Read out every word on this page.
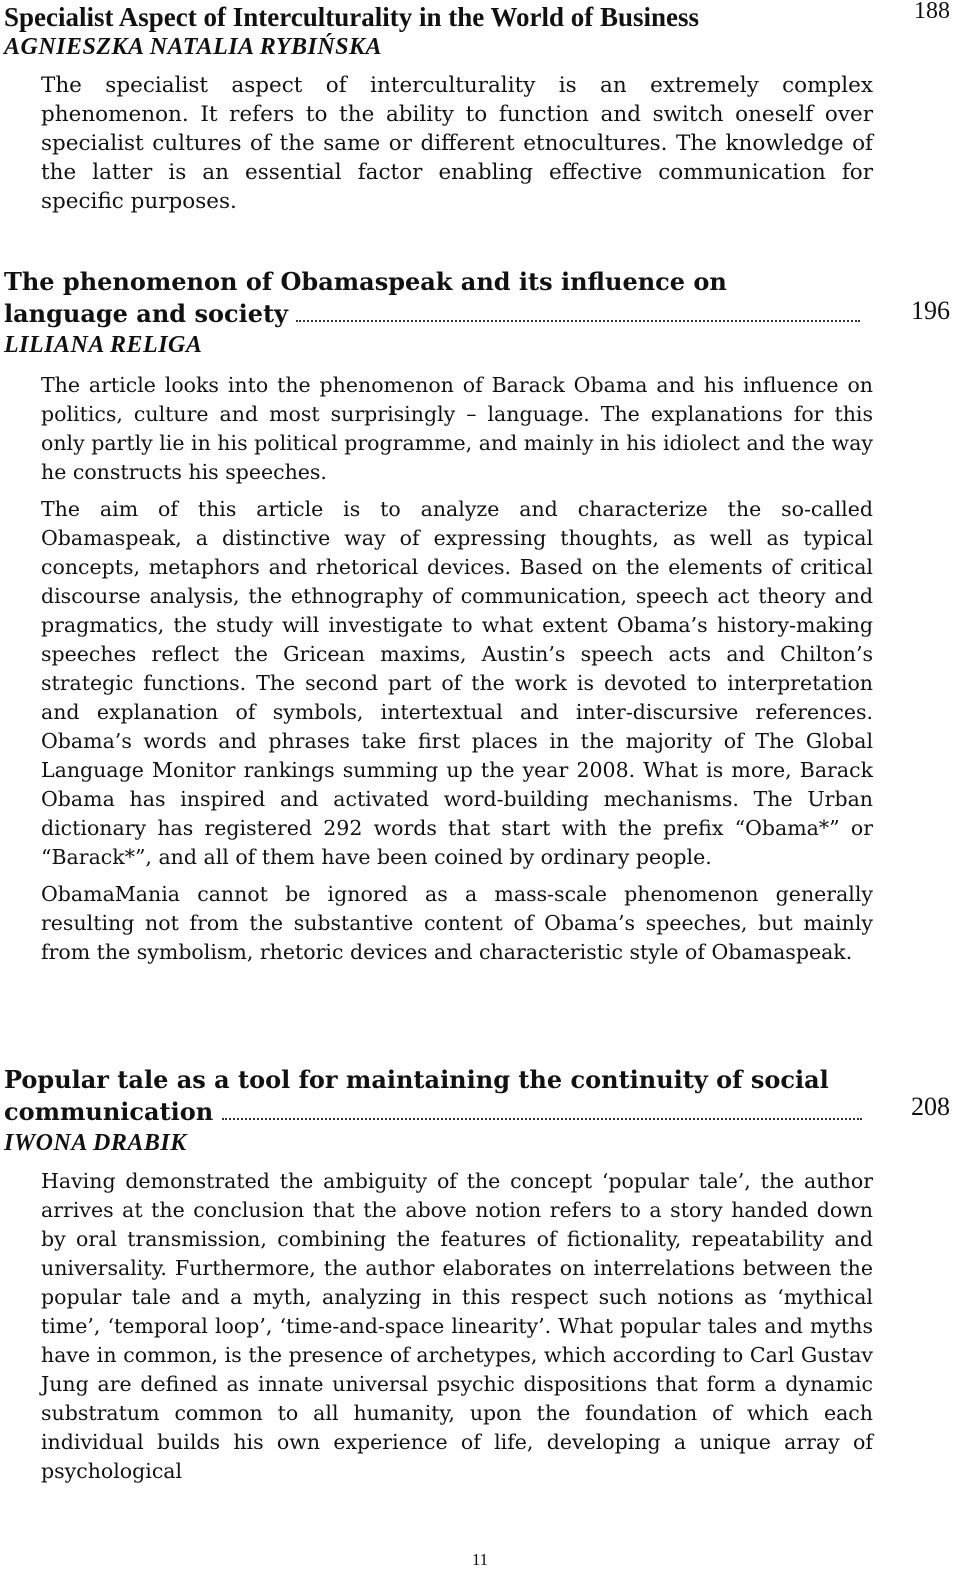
Specialist Aspect of Interculturality in the World of Business	188
AGNIESZKA NATALIA RYBIŃSKA

The specialist aspect of interculturality is an extremely complex phenomenon. It refers to the ability to function and switch oneself over specialist cultures of the same or different etnocultures. The knowledge of the latter is an essential factor enabling effective communication for specific purposes.

The phenomenon of Obamaspeak and its influence on
language and society	196
LILIANA RELIGA

The article looks into the phenomenon of Barack Obama and his influence on politics, culture and most surprisingly – language. The explanations for this only partly lie in his political programme, and mainly in his idiolect and the way he constructs his speeches.

The aim of this article is to analyze and characterize the so-called Obamaspeak, a distinctive way of expressing thoughts, as well as typical concepts, metaphors and rhetorical devices. Based on the elements of critical discourse analysis, the ethnography of communication, speech act theory and pragmatics, the study will investigate to what extent Obama’s history-making speeches reflect the Gricean maxims, Austin’s speech acts and Chilton’s strategic functions. The second part of the work is devoted to interpretation and explanation of symbols, intertextual and inter-discursive references. Obama’s words and phrases take first places in the majority of The Global Language Monitor rankings summing up the year 2008. What is more, Barack Obama has inspired and activated word-building mechanisms. The Urban dictionary has registered 292 words that start with the prefix “Obama*” or “Barack*”, and all of them have been coined by ordinary people.

ObamaMania cannot be ignored as a mass-scale phenomenon generally resulting not from the substantive content of Obama’s speeches, but mainly from the symbolism, rhetoric devices and characteristic style of Obamaspeak.

Popular tale as a tool for maintaining the continuity of social
communication	208
IWONA DRABIK

Having demonstrated the ambiguity of the concept ‘popular tale’, the author arrives at the conclusion that the above notion refers to a story handed down by oral transmission, combining the features of fictionality, repeatability and universality. Furthermore, the author elaborates on interrelations between the popular tale and a myth, analyzing in this respect such notions as ‘mythical time’, ‘temporal loop’, ‘time-and-space linearity’. What popular tales and myths have in common, is the presence of archetypes, which according to Carl Gustav Jung are defined as innate universal psychic dispositions that form a dynamic substratum common to all humanity, upon the foundation of which each individual builds his own experience of life, developing a unique array of psychological

11
